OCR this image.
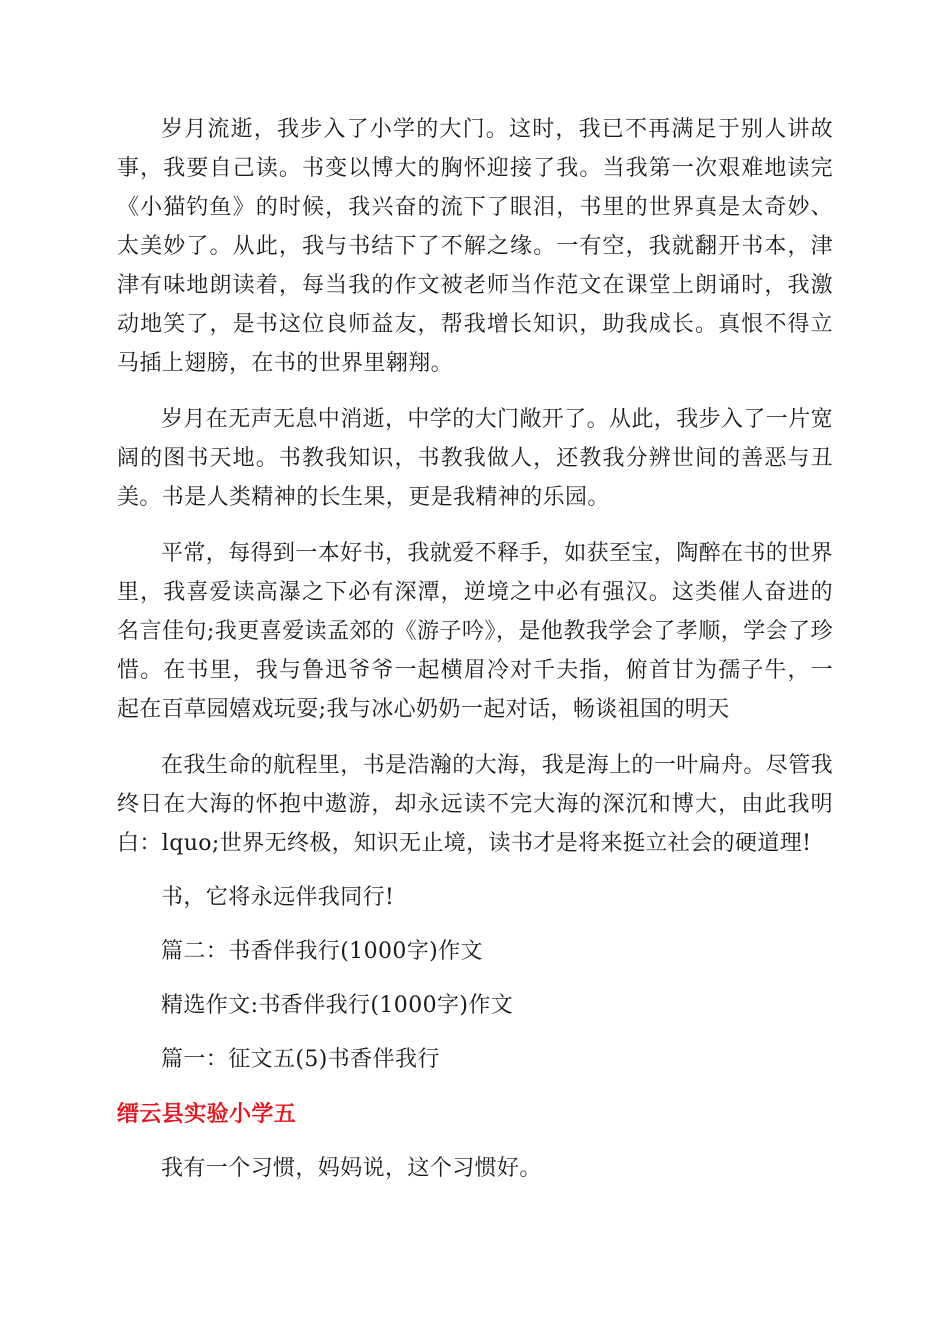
岁月流逝，我步入了小学的大门。这时，我已不再满足于别人讲故事，我要自己读。书变以博大的胸怀迎接了我。当我第一次艰难地读完《小猫钓鱼》的时候，我兴奋的流下了眼泪，书里的世界真是太奇妙、太美妙了。从此，我与书结下了不解之缘。一有空，我就翻开书本，津津有味地朗读着，每当我的作文被老师当作范文在课堂上朗诵时，我激动地笑了，是书这位良师益友，帮我增长知识，助我成长。真恨不得立马插上翅膀，在书的世界里翱翔。

岁月在无声无息中消逝，中学的大门敞开了。从此，我步入了一片宽阔的图书天地。书教我知识，书教我做人，还教我分辨世间的善恶与丑美。书是人类精神的长生果，更是我精神的乐园。

平常，每得到一本好书，我就爱不释手，如获至宝，陶醉在书的世界里，我喜爱读高瀑之下必有深潭，逆境之中必有强汉。这类催人奋进的名言佳句;我更喜爱读孟郊的《游子吟》，是他教我学会了孝顺，学会了珍惜。在书里，我与鲁迅爷爷一起横眉冷对千夫指，俯首甘为孺子牛，一起在百草园嬉戏玩耍;我与冰心奶奶一起对话，畅谈祖国的明天

在我生命的航程里，书是浩瀚的大海，我是海上的一叶扁舟。尽管我终日在大海的怀抱中遨游，却永远读不完大海的深沉和博大，由此我明白：lquo;世界无终极，知识无止境，读书才是将来挺立社会的硬道理!

书，它将永远伴我同行!

篇二：书香伴我行(1000字)作文

精选作文:书香伴我行(1000字)作文

篇一：征文五(5)书香伴我行

缙云县实验小学五

我有一个习惯，妈妈说，这个习惯好。
